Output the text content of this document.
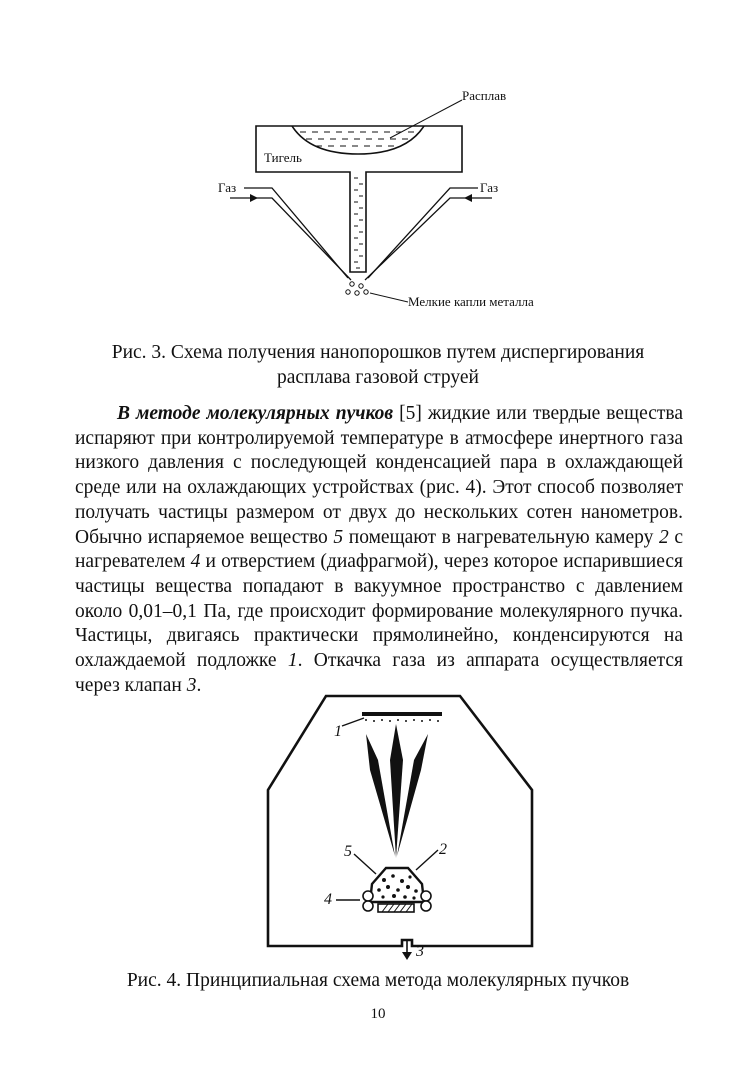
Расплав
Тигель
Газ	Газ
Мелкие капли металла
Рис. 3. Схема получения нанопорошков путем диспергирования
расплава газовой струей
В методе молекулярных пучков [5] жидкие или твердые вещества испаряют при контролируемой температуре в атмосфере инертного газа низкого давления с последующей конденсацией пара в охлаждающей среде или на охлаждающих устройствах (рис. 4). Этот способ позволяет получать частицы размером от двух до нескольких сотен нанометров. Обычно испаряемое вещество 5 помещают в нагревательную камеру 2 с нагревателем 4 и отверстием (диафрагмой), через которое испарившиеся частицы вещества попадают в вакуумное пространство с давлением около 0,01–0,1 Па, где происходит формирование молекулярного пучка. Частицы, двигаясь практически прямолинейно, конденсируются на охлаждаемой подложке 1. Откачка газа из аппарата осуществляется через клапан 3.
1
5	2
4
3
Рис. 4. Принципиальная схема метода молекулярных пучков
10
